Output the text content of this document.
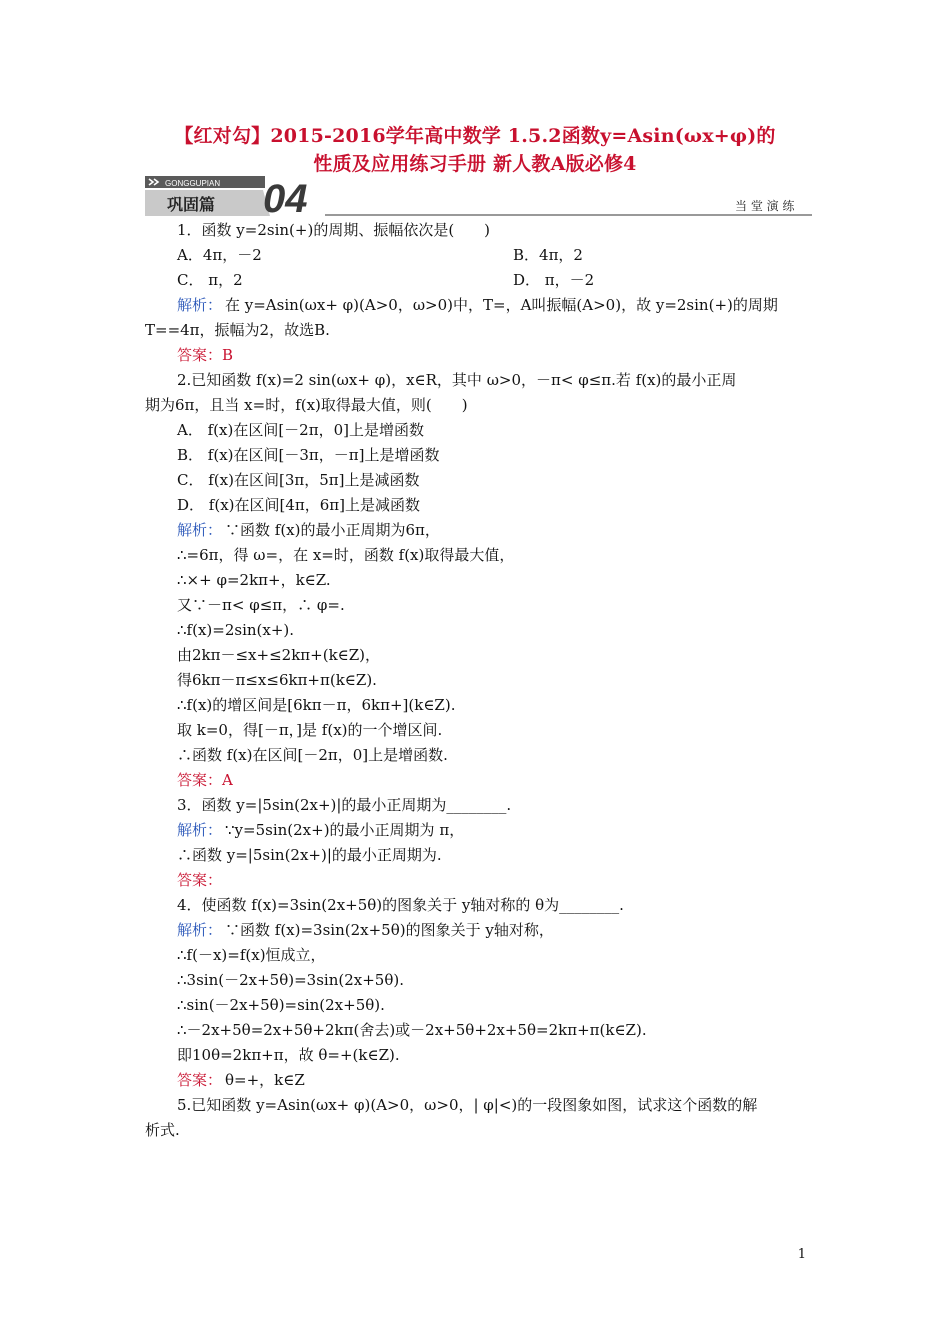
【红对勾】2015-2016学年高中数学 1.5.2函数y=Asin(ωx+φ)的
性质及应用练习手册 新人教A版必修4
GONGGUPIAN
巩固篇 04	当 堂 演 练
1．函数 y=2sin(+)的周期、振幅依次是(　　)
A．4π，－2	B．4π，2
C． π，2	D． π，－2
解析： 在 y=Asin(ωx+ φ)(A>0，ω>0)中，T=，A叫振幅(A>0)，故 y=2sin(+)的周期
T==4π，振幅为2，故选B.
答案：B
2.已知函数 f(x)=2 sin(ωx+ φ)，x∈R，其中 ω>0，－π< φ≤π.若 f(x)的最小正周
期为6π，且当 x=时，f(x)取得最大值，则(　　)
A． f(x)在区间[－2π，0]上是增函数
B． f(x)在区间[－3π，－π]上是增函数
C． f(x)在区间[3π，5π]上是减函数
D． f(x)在区间[4π，6π]上是减函数
解析： ∵函数 f(x)的最小正周期为6π，
∴=6π，得 ω=，在 x=时，函数 f(x)取得最大值，
∴×+ φ=2kπ+，k∈Z.
又∵－π< φ≤π，∴ φ=.
∴f(x)=2sin(x+).
由2kπ－≤x+≤2kπ+(k∈Z)，
得6kπ－π≤x≤6kπ+π(k∈Z).
∴f(x)的增区间是[6kπ－π，6kπ+](k∈Z).
取 k=0，得[－π，]是 f(x)的一个增区间.
∴函数 f(x)在区间[－2π，0]上是增函数.
答案：A
3．函数 y=|5sin(2x+)|的最小正周期为________.
解析： ∵y=5sin(2x+)的最小正周期为 π，
∴函数 y=|5sin(2x+)|的最小正周期为.
答案：
4．使函数 f(x)=3sin(2x+5θ)的图象关于 y轴对称的 θ为________.
解析： ∵函数 f(x)=3sin(2x+5θ)的图象关于 y轴对称，
∴f(－x)=f(x)恒成立，
∴3sin(－2x+5θ)=3sin(2x+5θ).
∴sin(－2x+5θ)=sin(2x+5θ).
∴－2x+5θ=2x+5θ+2kπ(舍去)或－2x+5θ+2x+5θ=2kπ+π(k∈Z).
即10θ=2kπ+π，故 θ=+(k∈Z).
答案： θ=+，k∈Z
5.已知函数 y=Asin(ωx+ φ)(A>0，ω>0，| φ|<)的一段图象如图，试求这个函数的解
析式.
1
